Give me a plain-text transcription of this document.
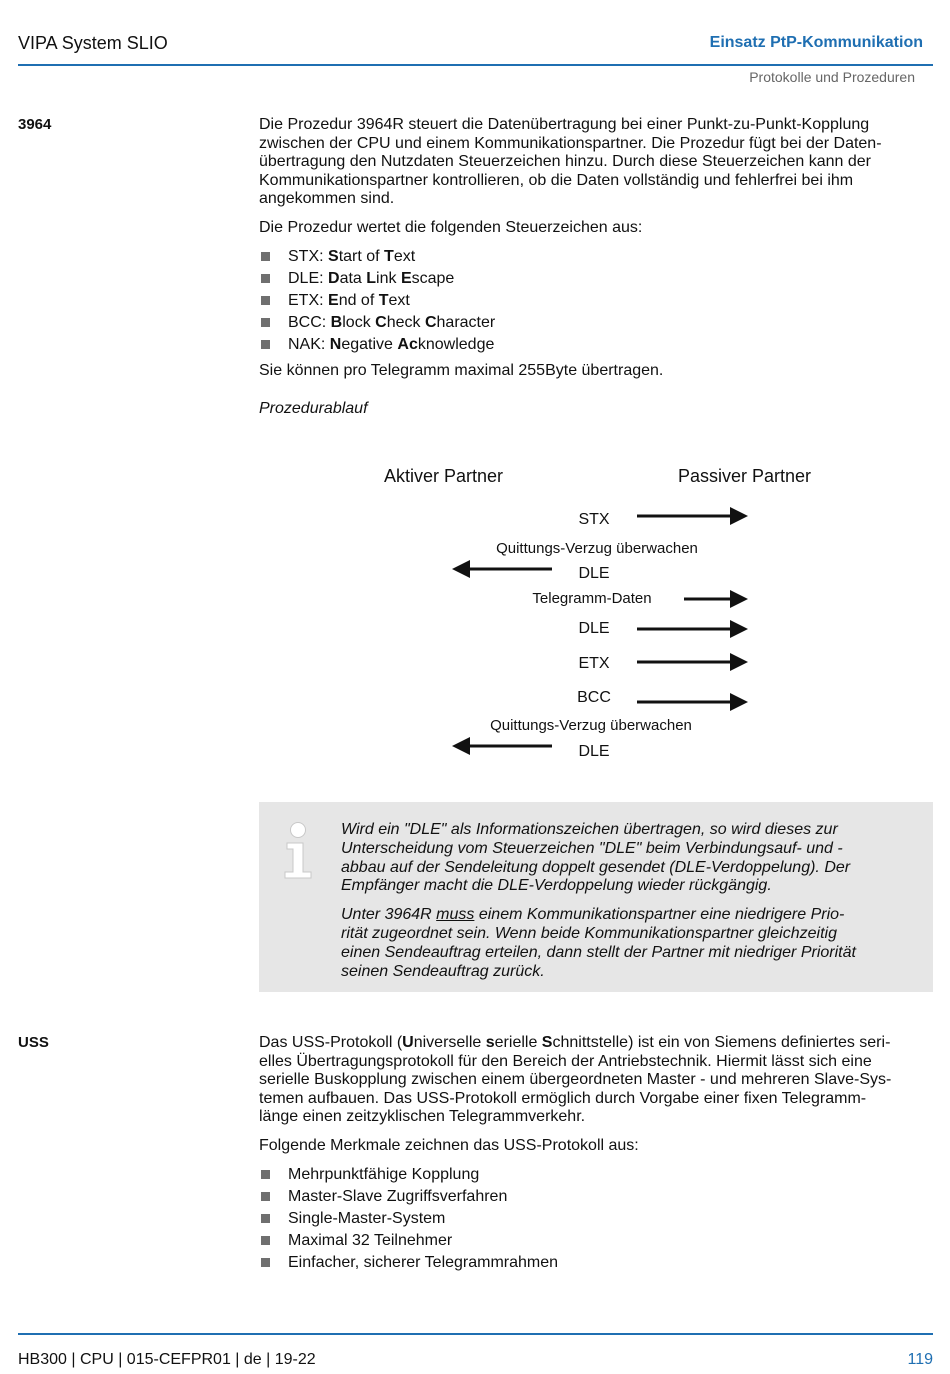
VIPA System SLIO	Einsatz PtP-Kommunikation
Protokolle und Prozeduren
3964	Die Prozedur 3964R steuert die Datenübertragung bei einer Punkt-zu-Punkt-Kopplung
zwischen der CPU und einem Kommunikationspartner. Die Prozedur fügt bei der Daten-
übertragung den Nutzdaten Steuerzeichen hinzu. Durch diese Steuerzeichen kann der
Kommunikationspartner kontrollieren, ob die Daten vollständig und fehlerfrei bei ihm
angekommen sind.
Die Prozedur wertet die folgenden Steuerzeichen aus:
STX: Start of Text
DLE: Data Link Escape
ETX: End of Text
BCC: Block Check Character
NAK: Negative Acknowledge
Sie können pro Telegramm maximal 255Byte übertragen.
Prozedurablauf
Aktiver Partner	Passiver Partner
STX
Quittungs-Verzug überwachen
DLE
Telegramm-Daten
DLE
ETX
BCC
Quittungs-Verzug überwachen
DLE

Wird ein "DLE" als Informationszeichen übertragen, so wird dieses zur
Unterscheidung vom Steuerzeichen "DLE" beim Verbindungsauf- und -
abbau auf der Sendeleitung doppelt gesendet (DLE-Verdoppelung). Der
Empfänger macht die DLE-Verdoppelung wieder rückgängig.

Unter 3964R muss einem Kommunikationspartner eine niedrigere Prio-
rität zugeordnet sein. Wenn beide Kommunikationspartner gleichzeitig
einen Sendeauftrag erteilen, dann stellt der Partner mit niedriger Priorität
seinen Sendeauftrag zurück.

USS	Das USS-Protokoll (Universelle serielle Schnittstelle) ist ein von Siemens definiertes seri-
elles Übertragungsprotokoll für den Bereich der Antriebstechnik. Hiermit lässt sich eine
serielle Buskopplung zwischen einem übergeordneten Master - und mehreren Slave-Sys-
temen aufbauen. Das USS-Protokoll ermöglich durch Vorgabe einer fixen Telegramm-
länge einen zeitzyklischen Telegrammverkehr.
Folgende Merkmale zeichnen das USS-Protokoll aus:
Mehrpunktfähige Kopplung
Master-Slave Zugriffsverfahren
Single-Master-System
Maximal 32 Teilnehmer
Einfacher, sicherer Telegrammrahmen
HB300 | CPU | 015-CEFPR01 | de | 19-22	119
